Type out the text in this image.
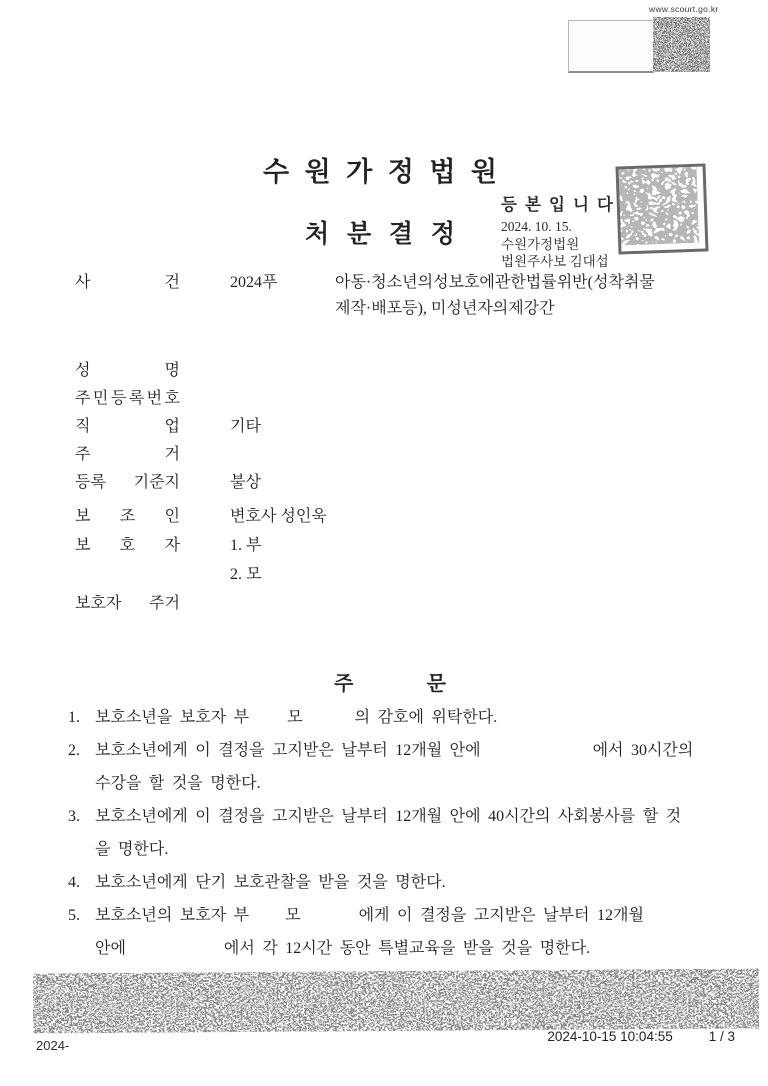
www.scourt.go.kr
수 원 가 정 법 원
처 분 결 정
등 본 입 니 다
2024. 10. 15.
수원가정법원
법원주사보 김대섭
사	건	2024푸	아동·청소년의성보호에관한법률위반(성착취물
제작·배포등), 미성년자의제강간
성	명
주 민 등 록 번 호
직	업	기타
주	거
등록 기준지	불상
보 조 인	변호사 성인욱
보 호 자	1. 부
2. 모
보호자 주거
주	문
1. 보호소년을 보호자 부 모	의 감호에 위탁한다.
2. 보호소년에게 이 결정을 고지받은 날부터 12개월 안에	에서 30시간의
수강을 할 것을 명한다.
3. 보호소년에게 이 결정을 고지받은 날부터 12개월 안에 40시간의 사회봉사를 할 것
을 명한다.
4. 보호소년에게 단기 보호관찰을 받을 것을 명한다.
5. 보호소년의 보호자 부 모	에게 이 결정을 고지받은 날부터 12개월
안에	에서 각 12시간 동안 특별교육을 받을 것을 명한다.
2024-
2024-10-15 10:04:55	1 / 3
